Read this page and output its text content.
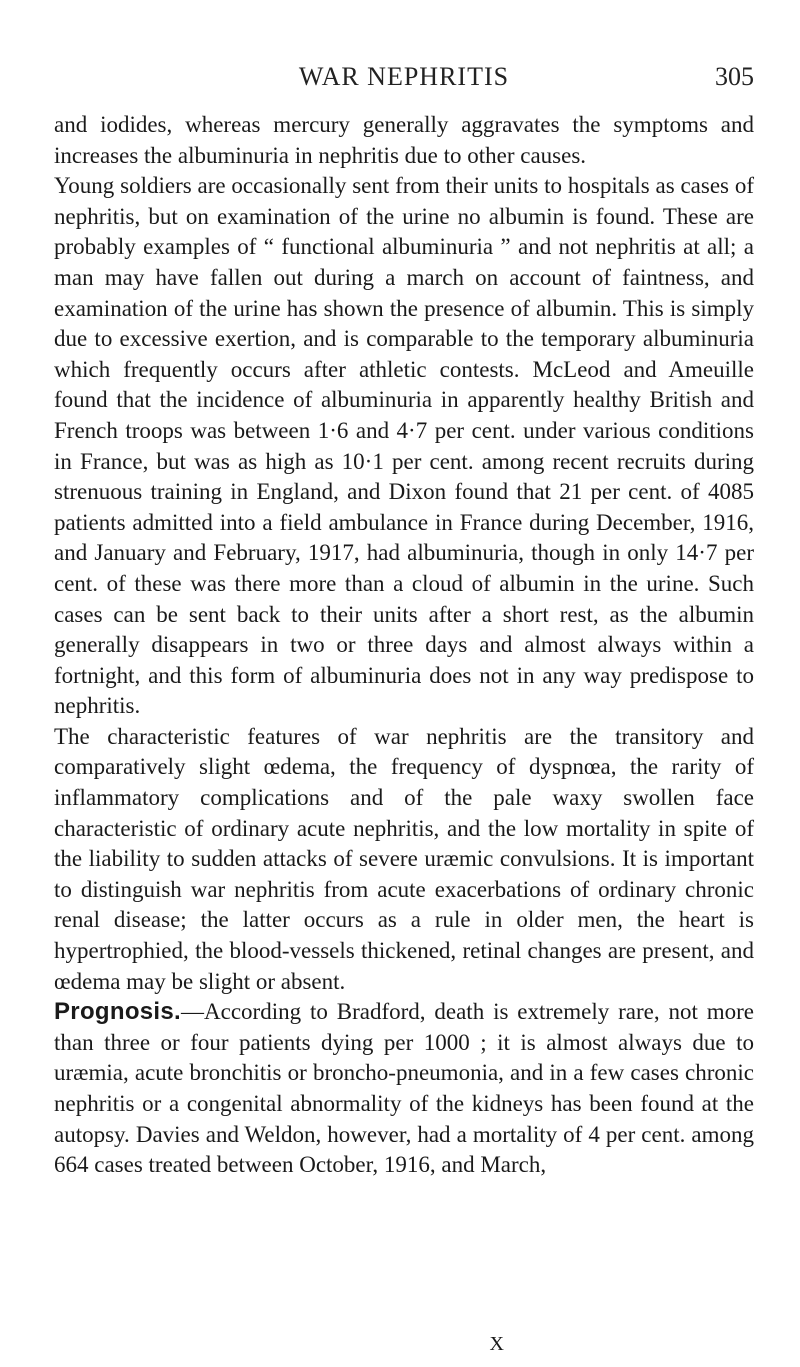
WAR NEPHRITIS	305

and iodides, whereas mercury generally aggravates the symptoms and increases the albuminuria in nephritis due to other causes.

Young soldiers are occasionally sent from their units to hospitals as cases of nephritis, but on examination of the urine no albumin is found. These are probably examples of “ functional albuminuria ” and not nephritis at all; a man may have fallen out during a march on account of faintness, and examination of the urine has shown the presence of albumin. This is simply due to excessive exertion, and is comparable to the temporary albuminuria which frequently occurs after athletic contests. McLeod and Ameuille found that the incidence of albuminuria in apparently healthy British and French troops was between 1·6 and 4·7 per cent. under various conditions in France, but was as high as 10·1 per cent. among recent recruits during strenuous training in England, and Dixon found that 21 per cent. of 4085 patients admitted into a field ambulance in France during December, 1916, and January and February, 1917, had albuminuria, though in only 14·7 per cent. of these was there more than a cloud of albumin in the urine. Such cases can be sent back to their units after a short rest, as the albumin generally disappears in two or three days and almost always within a fortnight, and this form of albuminuria does not in any way predispose to nephritis.

The characteristic features of war nephritis are the transitory and comparatively slight œdema, the frequency of dyspnœa, the rarity of inflammatory complications and of the pale waxy swollen face characteristic of ordinary acute nephritis, and the low mortality in spite of the liability to sudden attacks of severe uræmic convulsions. It is important to distinguish war nephritis from acute exacerbations of ordinary chronic renal disease; the latter occurs as a rule in older men, the heart is hypertrophied, the blood-vessels thickened, retinal changes are present, and œdema may be slight or absent.

Prognosis.—According to Bradford, death is extremely rare, not more than three or four patients dying per 1000 ; it is almost always due to uræmia, acute bronchitis or broncho-pneumonia, and in a few cases chronic nephritis or a congenital abnormality of the kidneys has been found at the autopsy. Davies and Weldon, however, had a mortality of 4 per cent. among 664 cases treated between October, 1916, and March,

X
